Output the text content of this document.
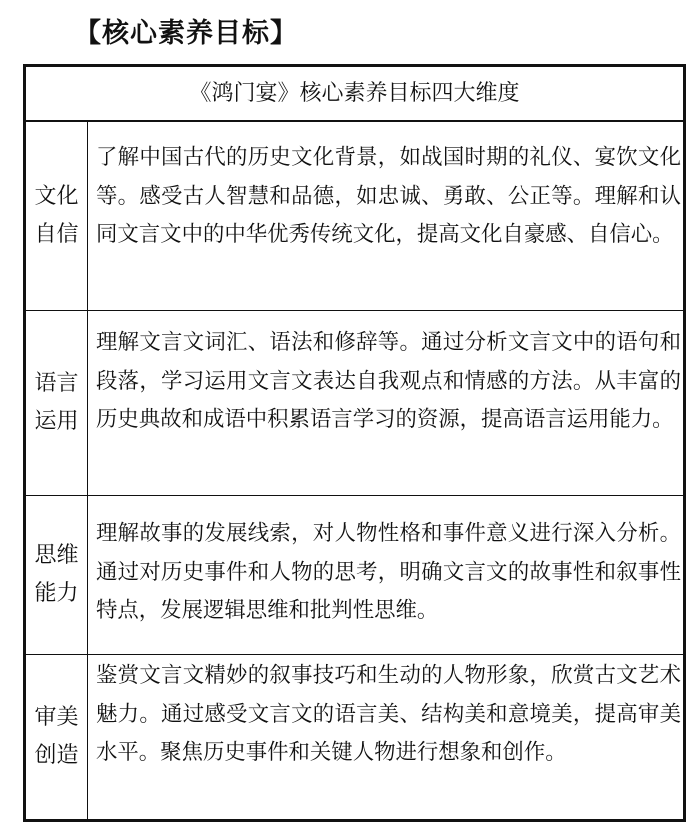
【核心素养目标】
《鸿门宴》核心素养目标四大维度
文化自信
了解中国古代的历史文化背景，如战国时期的礼仪、宴饮文化等。感受古人智慧和品德，如忠诚、勇敢、公正等。理解和认同文言文中的中华优秀传统文化，提高文化自豪感、自信心。
语言运用
理解文言文词汇、语法和修辞等。通过分析文言文中的语句和段落，学习运用文言文表达自我观点和情感的方法。从丰富的历史典故和成语中积累语言学习的资源，提高语言运用能力。
思维能力
理解故事的发展线索，对人物性格和事件意义进行深入分析。通过对历史事件和人物的思考，明确文言文的故事性和叙事性特点，发展逻辑思维和批判性思维。
审美创造
鉴赏文言文精妙的叙事技巧和生动的人物形象，欣赏古文艺术魅力。通过感受文言文的语言美、结构美和意境美，提高审美水平。聚焦历史事件和关键人物进行想象和创作。
